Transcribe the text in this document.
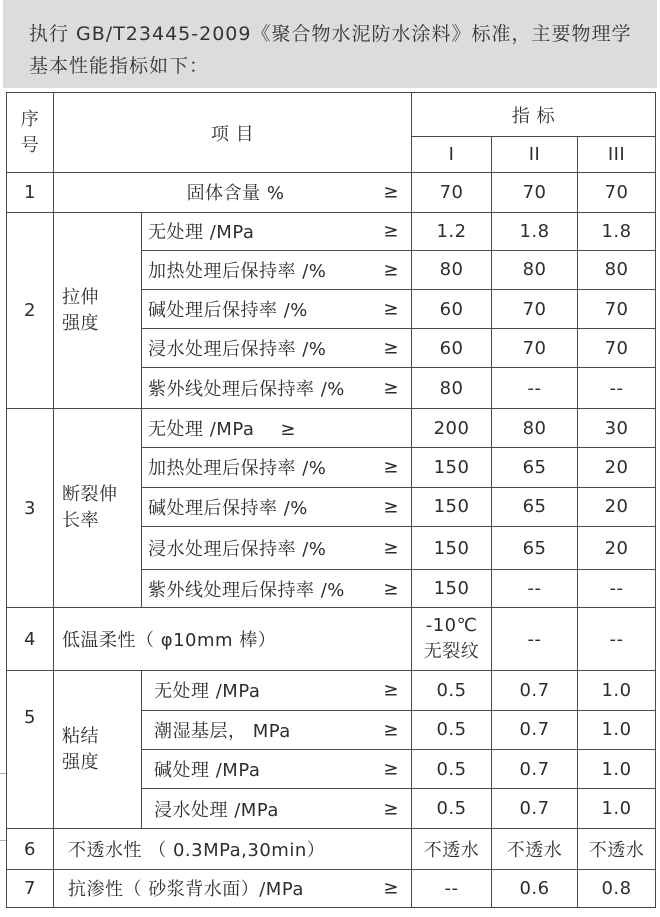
执行 GB/T23445-2009《聚合物水泥防水涂料》标准，主要物理学基本性能指标如下：
序号	项 目		指 标		
			I	II	III
1	固体含量 % ≥		70	70	70
2	拉伸强度	无处理 /MPa ≥	1.2	1.8	1.8
		加热处理后保持率 /% ≥	80	80	80
		碱处理后保持率 /% ≥	60	70	70
		浸水处理后保持率 /% ≥	60	70	70
		紫外线处理后保持率 /% ≥	80	--	--
3	断裂伸长率	无处理 /MPa ≥	200	80	30
		加热处理后保持率 /% ≥	150	65	20
		碱处理后保持率 /% ≥	150	65	20
		浸水处理后保持率 /% ≥	150	65	20
		紫外线处理后保持率 /% ≥	150	--	--
4	低温柔性（ φ10mm 棒）		-10℃无裂纹	--	--
5	粘结强度	无处理 /MPa ≥	0.5	0.7	1.0
		潮湿基层， MPa ≥	0.5	0.7	1.0
		碱处理 /MPa ≥	0.5	0.7	1.0
		浸水处理 /MPa ≥	0.5	0.7	1.0
6	不透水性 （ 0.3MPa,30min）		不透水	不透水	不透水
7	抗渗性（ 砂浆背水面）/MPa ≥		--	0.6	0.8
